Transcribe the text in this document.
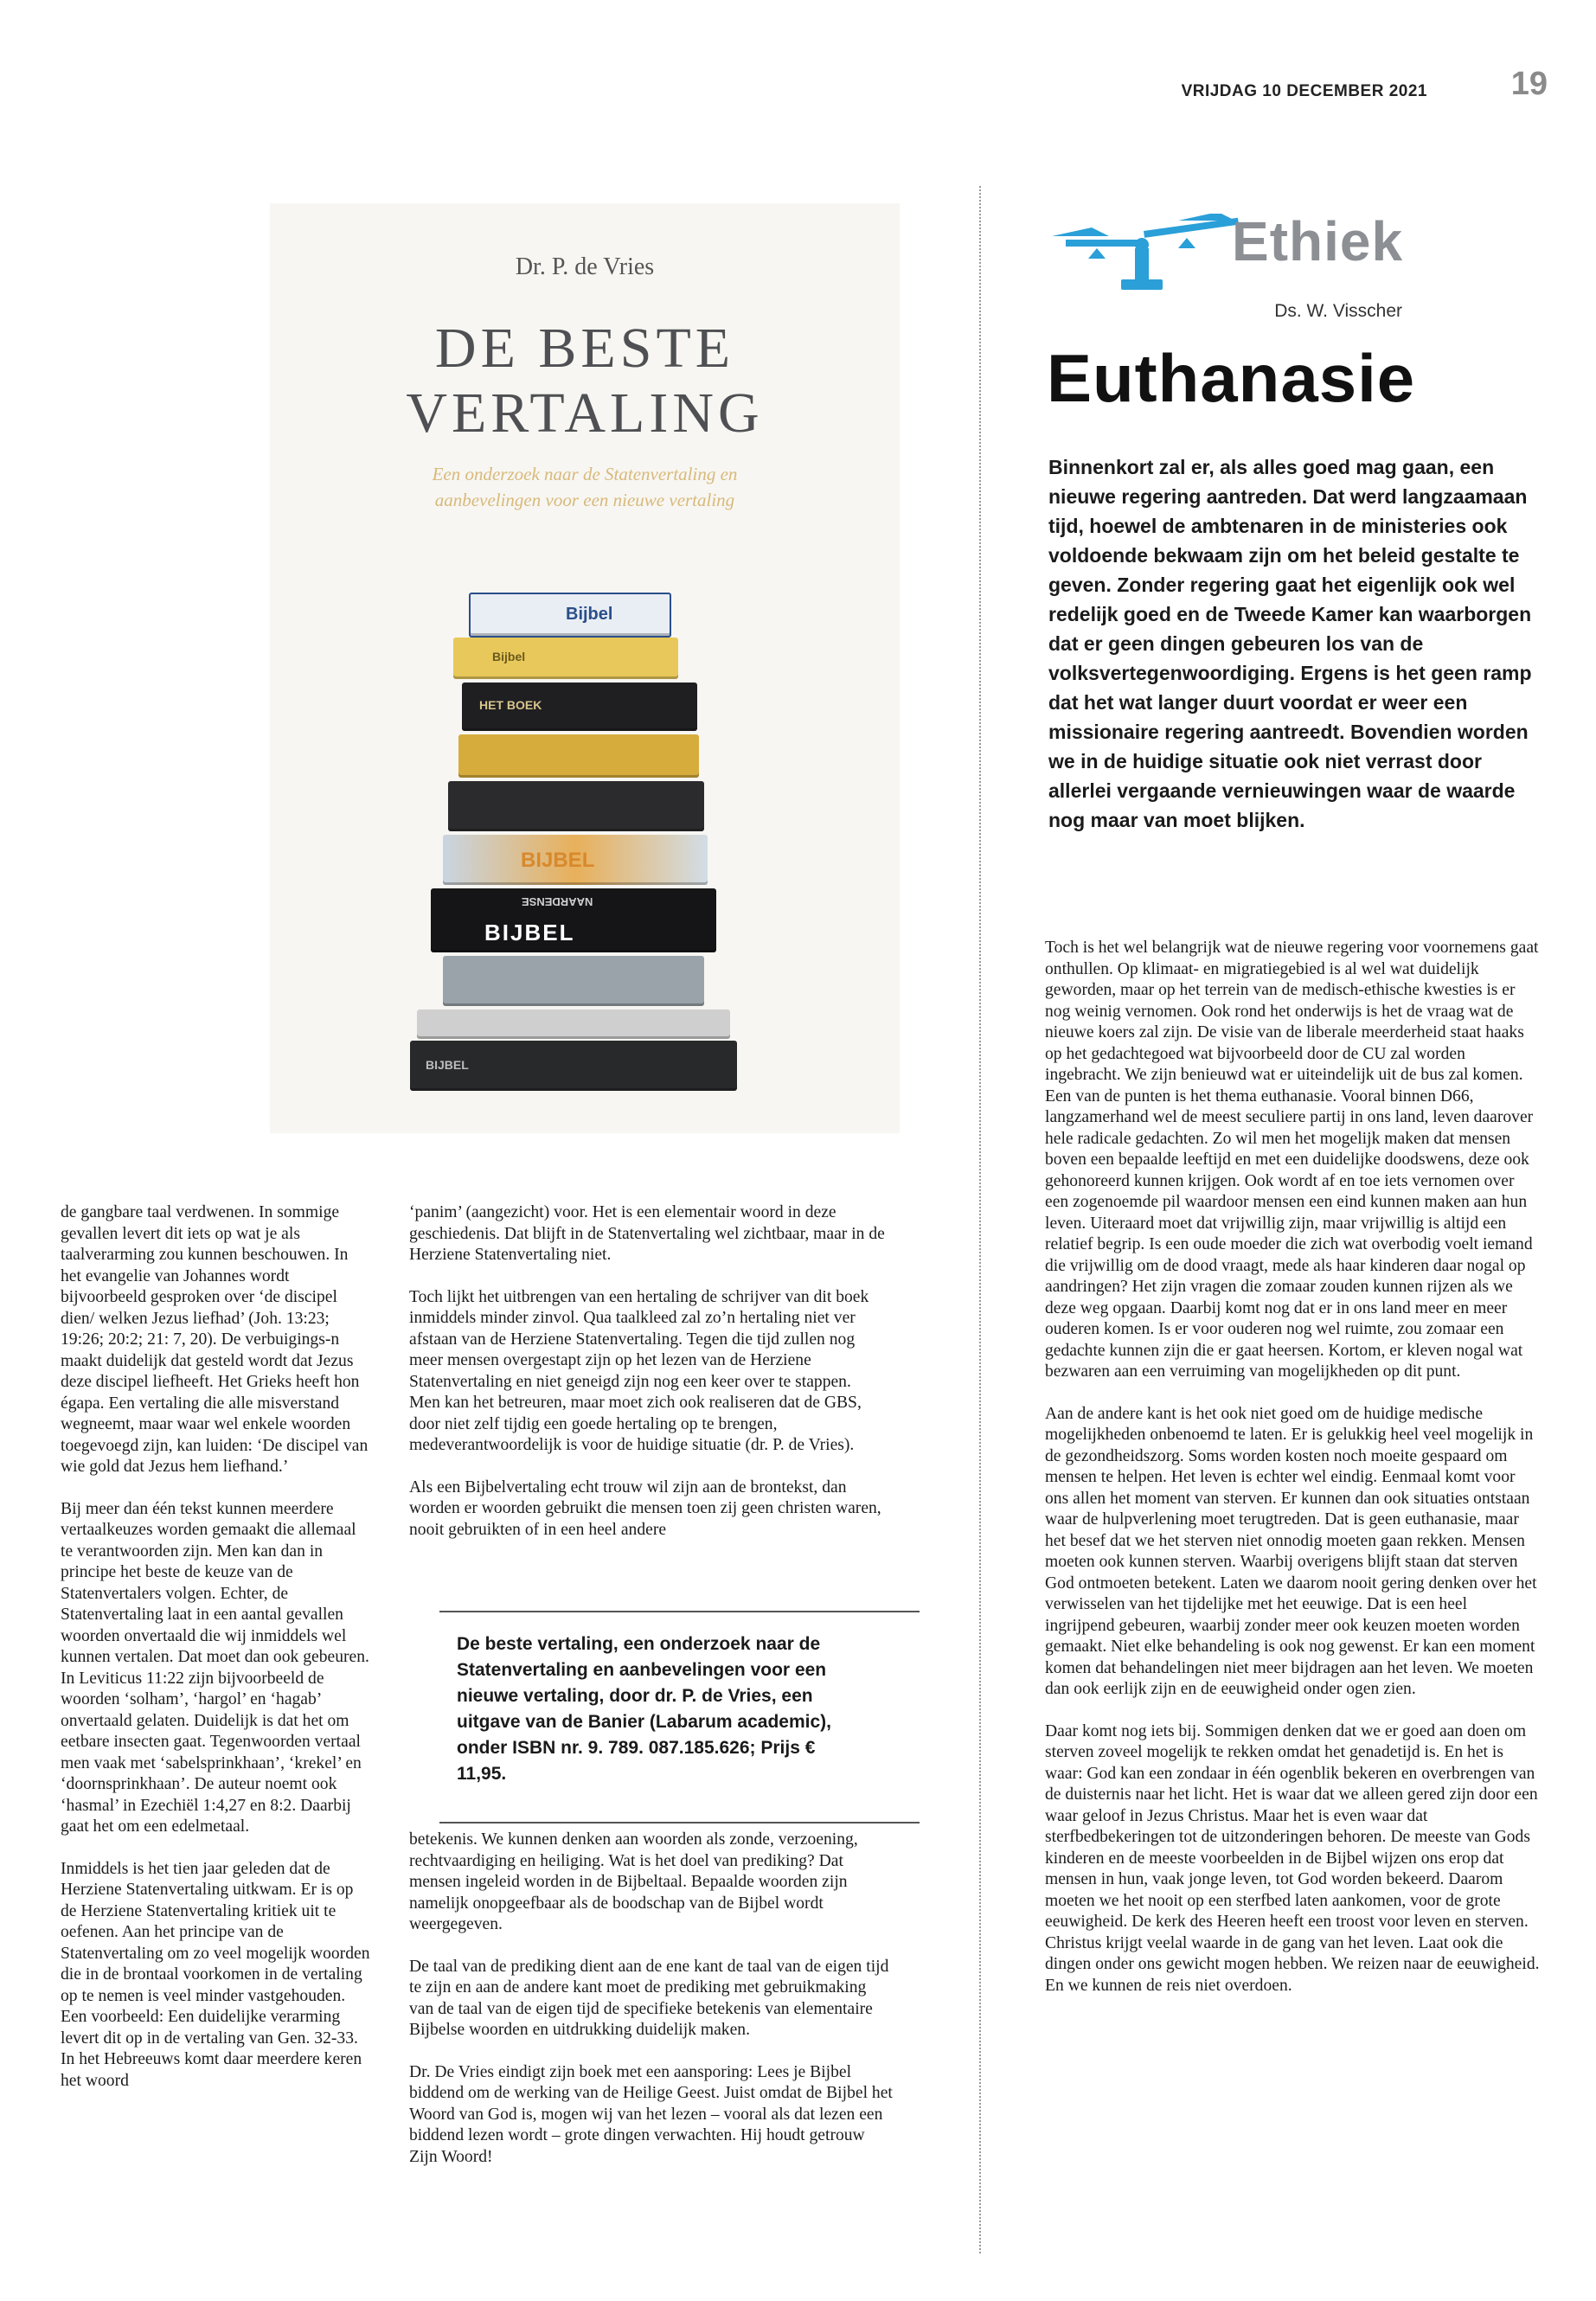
VRIJDAG 10 DECEMBER 2021	19
Dr. P. de Vries
DE BESTE
VERTALING
Een onderzoek naar de Statenvertaling en
aanbevelingen voor een nieuwe vertaling
Bijbel
Bijbel
HET BOEK
BIJBEL
NAARDENSE
BIJBEL
BIJBEL
Ethiek
Ds. W. Visscher
Euthanasie
Binnenkort zal er, als alles goed mag gaan, een nieuwe regering aantreden. Dat werd langzaamaan tijd, hoewel de ambtenaren in de ministeries ook voldoende bekwaam zijn om het beleid gestalte te geven. Zonder regering gaat het eigenlijk ook wel redelijk goed en de Tweede Kamer kan waarborgen dat er geen dingen gebeuren los van de volksvertegenwoordiging. Ergens is het geen ramp dat het wat langer duurt voordat er weer een missionaire regering aantreedt. Bovendien worden we in de huidige situatie ook niet verrast door allerlei vergaande vernieuwingen waar de waarde nog maar van moet blijken.

Toch is het wel belangrijk wat de nieuwe regering voor voornemens gaat onthullen. Op klimaat- en migratiegebied is al wel wat duidelijk geworden, maar op het terrein van de medisch-ethische kwesties is er nog weinig vernomen. Ook rond het onderwijs is het de vraag wat de nieuwe koers zal zijn. De visie van de liberale meerderheid staat haaks op het gedachtegoed wat bijvoorbeeld door de CU zal worden ingebracht. We zijn benieuwd wat er uiteindelijk uit de bus zal komen. Een van de punten is het thema euthanasie. Vooral binnen D66, langzamerhand wel de meest seculiere partij in ons land, leven daarover hele radicale gedachten. Zo wil men het mogelijk maken dat mensen boven een bepaalde leeftijd en met een duidelijke doodswens, deze ook gehonoreerd kunnen krijgen. Ook wordt af en toe iets vernomen over een zogenoemde pil waardoor mensen een eind kunnen maken aan hun leven. Uiteraard moet dat vrijwillig zijn, maar vrijwillig is altijd een relatief begrip. Is een oude moeder die zich wat overbodig voelt iemand die vrijwillig om de dood vraagt, mede als haar kinderen daar nogal op aandringen? Het zijn vragen die zomaar zouden kunnen rijzen als we deze weg opgaan. Daarbij komt nog dat er in ons land meer en meer ouderen komen. Is er voor ouderen nog wel ruimte, zou zomaar een gedachte kunnen zijn die er gaat heersen. Kortom, er kleven nogal wat bezwaren aan een verruiming van mogelijkheden op dit punt.

Aan de andere kant is het ook niet goed om de huidige medische mogelijkheden onbenoemd te laten. Er is gelukkig heel veel mogelijk in de gezondheidszorg. Soms worden kosten noch moeite gespaard om mensen te helpen. Het leven is echter wel eindig. Eenmaal komt voor ons allen het moment van sterven. Er kunnen dan ook situaties ontstaan waar de hulpverlening moet terugtreden. Dat is geen euthanasie, maar het besef dat we het sterven niet onnodig moeten gaan rekken. Mensen moeten ook kunnen sterven. Waarbij overigens blijft staan dat sterven God ontmoeten betekent. Laten we daarom nooit gering denken over het verwisselen van het tijdelijke met het eeuwige. Dat is een heel ingrijpend gebeuren, waarbij zonder meer ook keuzen moeten worden gemaakt. Niet elke behandeling is ook nog gewenst. Er kan een moment komen dat behandelingen niet meer bijdragen aan het leven. We moeten dan ook eerlijk zijn en de eeuwigheid onder ogen zien.

Daar komt nog iets bij. Sommigen denken dat we er goed aan doen om sterven zoveel mogelijk te rekken omdat het genadetijd is. En het is waar: God kan een zondaar in één ogenblik bekeren en overbrengen van de duisternis naar het licht. Het is waar dat we alleen gered zijn door een waar geloof in Jezus Christus. Maar het is even waar dat sterfbedbekeringen tot de uitzonderingen behoren. De meeste van Gods kinderen en de meeste voorbeelden in de Bijbel wijzen ons erop dat mensen in hun, vaak jonge leven, tot God worden bekeerd. Daarom moeten we het nooit op een sterfbed laten aankomen, voor de grote eeuwigheid. De kerk des Heeren heeft een troost voor leven en sterven. Christus krijgt veelal waarde in de gang van het leven. Laat ook die dingen onder ons gewicht mogen hebben. We reizen naar de eeuwigheid. En we kunnen de reis niet overdoen.

de gangbare taal verdwenen. In sommige gevallen levert dit iets op wat je als taalverarming zou kunnen beschouwen. In het evangelie van Johannes wordt bijvoorbeeld gesproken over ‘de discipel dien/ welken Jezus liefhad’ (Joh. 13:23; 19:26; 20:2; 21: 7, 20). De verbuigings-n maakt duidelijk dat gesteld wordt dat Jezus deze discipel liefheeft. Het Grieks heeft hon égapa. Een vertaling die alle misverstand wegneemt, maar waar wel enkele woorden toegevoegd zijn, kan luiden: ‘De discipel van wie gold dat Jezus hem liefhand.’

Bij meer dan één tekst kunnen meerdere vertaalkeuzes worden gemaakt die allemaal te verantwoorden zijn. Men kan dan in principe het beste de keuze van de Statenvertalers volgen. Echter, de Statenvertaling laat in een aantal gevallen woorden onvertaald die wij inmiddels wel kunnen vertalen. Dat moet dan ook gebeuren. In Leviticus 11:22 zijn bijvoorbeeld de woorden ‘solham’, ‘hargol’ en ‘hagab’ onvertaald gelaten. Duidelijk is dat het om eetbare insecten gaat. Tegenwoorden vertaal men vaak met ‘sabelsprinkhaan’, ‘krekel’ en ‘doornsprinkhaan’. De auteur noemt ook ‘hasmal’ in Ezechiël 1:4,27 en 8:2. Daarbij gaat het om een edelmetaal.

Inmiddels is het tien jaar geleden dat de Herziene Statenvertaling uitkwam. Er is op de Herziene Statenvertaling kritiek uit te oefenen. Aan het principe van de Statenvertaling om zo veel mogelijk woorden die in de brontaal voorkomen in de vertaling op te nemen is veel minder vastgehouden. Een voorbeeld: Een duidelijke verarming levert dit op in de vertaling van Gen. 32-33. In het Hebreeuws komt daar meerdere keren het woord

‘panim’ (aangezicht) voor. Het is een elementair woord in deze geschiedenis. Dat blijft in de Statenvertaling wel zichtbaar, maar in de Herziene Statenvertaling niet.

Toch lijkt het uitbrengen van een hertaling de schrijver van dit boek inmiddels minder zinvol. Qua taalkleed zal zo’n hertaling niet ver afstaan van de Herziene Statenvertaling. Tegen die tijd zullen nog meer mensen overgestapt zijn op het lezen van de Herziene Statenvertaling en niet geneigd zijn nog een keer over te stappen. Men kan het betreuren, maar moet zich ook realiseren dat de GBS, door niet zelf tijdig een goede hertaling op te brengen, medeverantwoordelijk is voor de huidige situatie (dr. P. de Vries).

Als een Bijbelvertaling echt trouw wil zijn aan de brontekst, dan worden er woorden gebruikt die mensen toen zij geen christen waren, nooit gebruikten of in een heel andere

De beste vertaling, een onderzoek naar de Statenvertaling en aanbevelingen voor een nieuwe vertaling, door dr. P. de Vries, een uitgave van de Banier (Labarum academic), onder ISBN nr. 9. 789. 087.185.626; Prijs € 11,95.

betekenis. We kunnen denken aan woorden als zonde, verzoening, rechtvaardiging en heiliging. Wat is het doel van prediking? Dat mensen ingeleid worden in de Bijbeltaal. Bepaalde woorden zijn namelijk onopgeefbaar als de boodschap van de Bijbel wordt weergegeven.

De taal van de prediking dient aan de ene kant de taal van de eigen tijd te zijn en aan de andere kant moet de prediking met gebruikmaking van de taal van de eigen tijd de specifieke betekenis van elementaire Bijbelse woorden en uitdrukking duidelijk maken.

Dr. De Vries eindigt zijn boek met een aansporing: Lees je Bijbel biddend om de werking van de Heilige Geest. Juist omdat de Bijbel het Woord van God is, mogen wij van het lezen – vooral als dat lezen een biddend lezen wordt – grote dingen verwachten. Hij houdt getrouw Zijn Woord!
